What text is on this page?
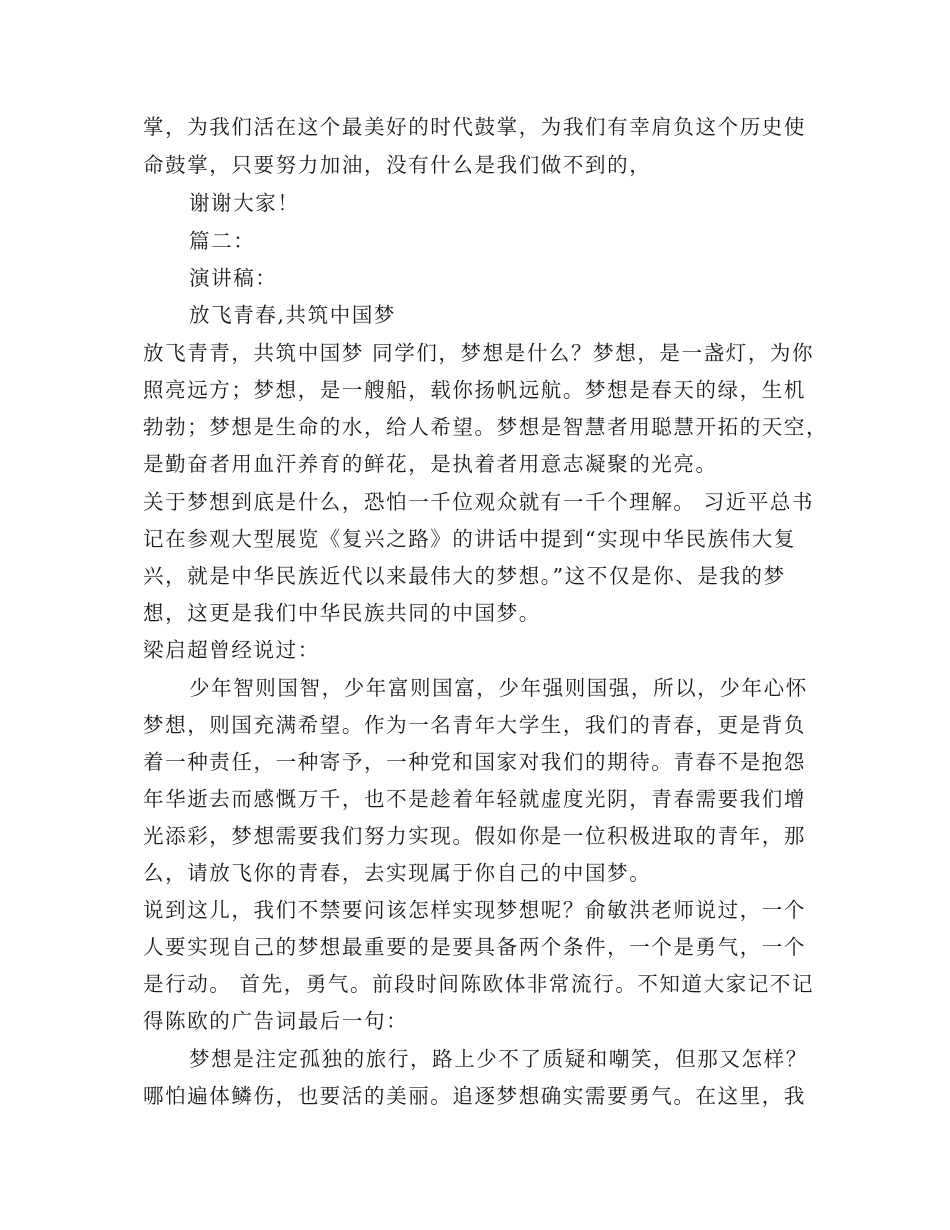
掌，为我们活在这个最美好的时代鼓掌，为我们有幸肩负这个历史使
命鼓掌，只要努力加油，没有什么是我们做不到的，
谢谢大家！
篇二：
演讲稿：
放飞青春,共筑中国梦
放飞青青，共筑中国梦 同学们，梦想是什么？梦想，是一盏灯，为你
照亮远方；梦想，是一艘船，载你扬帆远航。梦想是春天的绿，生机
勃勃；梦想是生命的水，给人希望。梦想是智慧者用聪慧开拓的天空，
是勤奋者用血汗养育的鲜花，是执着者用意志凝聚的光亮。
关于梦想到底是什么，恐怕一千位观众就有一千个理解。 习近平总书
记在参观大型展览《复兴之路》的讲话中提到“实现中华民族伟大复
兴，就是中华民族近代以来最伟大的梦想。”这不仅是你、是我的梦
想，这更是我们中华民族共同的中国梦。
梁启超曾经说过：
少年智则国智，少年富则国富，少年强则国强，所以，少年心怀
梦想，则国充满希望。作为一名青年大学生，我们的青春，更是背负
着一种责任，一种寄予，一种党和国家对我们的期待。青春不是抱怨
年华逝去而感慨万千，也不是趁着年轻就虚度光阴，青春需要我们增
光添彩，梦想需要我们努力实现。假如你是一位积极进取的青年，那
么，请放飞你的青春，去实现属于你自己的中国梦。
说到这儿，我们不禁要问该怎样实现梦想呢？俞敏洪老师说过，一个
人要实现自己的梦想最重要的是要具备两个条件，一个是勇气，一个
是行动。 首先，勇气。前段时间陈欧体非常流行。不知道大家记不记
得陈欧的广告词最后一句：
梦想是注定孤独的旅行，路上少不了质疑和嘲笑，但那又怎样？
哪怕遍体鳞伤，也要活的美丽。追逐梦想确实需要勇气。在这里，我
